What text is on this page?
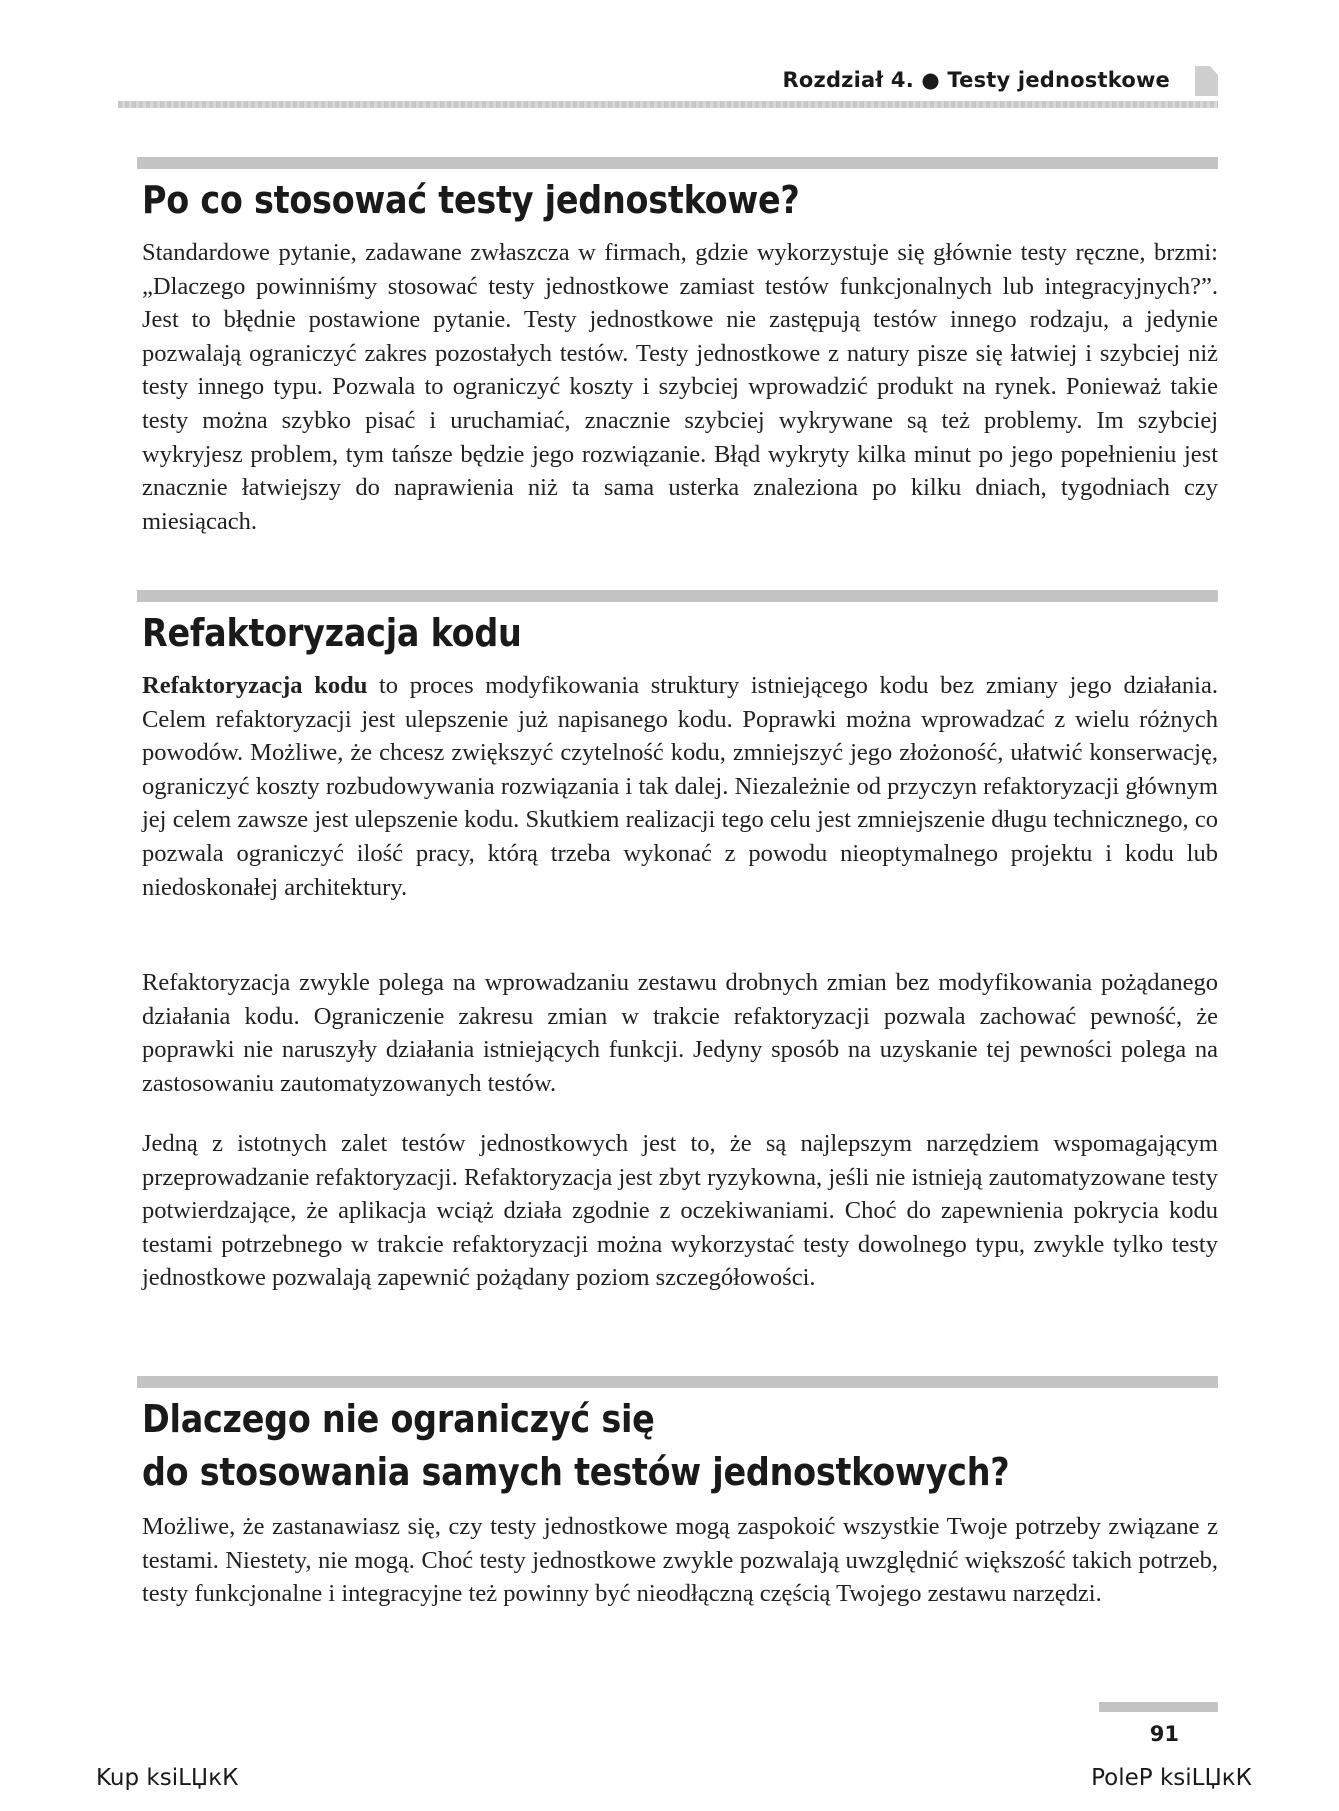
Rozdział 4. ● Testy jednostkowe
Po co stosować testy jednostkowe?

Standardowe pytanie, zadawane zwłaszcza w firmach, gdzie wykorzystuje się głównie testy ręczne, brzmi: „Dlaczego powinniśmy stosować testy jednostkowe zamiast testów funkcjonalnych lub integracyjnych?”. Jest to błędnie postawione pytanie. Testy jednostkowe nie zastępują testów innego rodzaju, a jedynie pozwalają ograniczyć zakres pozostałych testów. Testy jednostkowe z natury pisze się łatwiej i szybciej niż testy innego typu. Pozwala to ograniczyć koszty i szybciej wprowadzić produkt na rynek. Ponieważ takie testy można szybko pisać i uruchamiać, znacznie szybciej wykrywane są też problemy. Im szybciej wykryjesz problem, tym tańsze będzie jego rozwiązanie. Błąd wykryty kilka minut po jego popełnieniu jest znacznie łatwiejszy do naprawienia niż ta sama usterka znaleziona po kilku dniach, tygodniach czy miesiącach.

Refaktoryzacja kodu

Refaktoryzacja kodu to proces modyfikowania struktury istniejącego kodu bez zmiany jego działania. Celem refaktoryzacji jest ulepszenie już napisanego kodu. Poprawki można wprowadzać z wielu różnych powodów. Możliwe, że chcesz zwiększyć czytelność kodu, zmniejszyć jego złożoność, ułatwić konserwację, ograniczyć koszty rozbudowywania rozwiązania i tak dalej. Niezależnie od przyczyn refaktoryzacji głównym jej celem zawsze jest ulepszenie kodu. Skutkiem realizacji tego celu jest zmniejszenie długu technicznego, co pozwala ograniczyć ilość pracy, którą trzeba wykonać z powodu nieoptymalnego projektu i kodu lub niedoskonałej architektury.

Refaktoryzacja zwykle polega na wprowadzaniu zestawu drobnych zmian bez modyfikowania pożądanego działania kodu. Ograniczenie zakresu zmian w trakcie refaktoryzacji pozwala zachować pewność, że poprawki nie naruszyły działania istniejących funkcji. Jedyny sposób na uzyskanie tej pewności polega na zastosowaniu zautomatyzowanych testów.

Jedną z istotnych zalet testów jednostkowych jest to, że są najlepszym narzędziem wspomagającym przeprowadzanie refaktoryzacji. Refaktoryzacja jest zbyt ryzykowna, jeśli nie istnieją zautomatyzowane testy potwierdzające, że aplikacja wciąż działa zgodnie z oczekiwaniami. Choć do zapewnienia pokrycia kodu testami potrzebnego w trakcie refaktoryzacji można wykorzystać testy dowolnego typu, zwykle tylko testy jednostkowe pozwalają zapewnić pożądany poziom szczegółowości.

Dlaczego nie ograniczyć się
do stosowania samych testów jednostkowych?

Możliwe, że zastanawiasz się, czy testy jednostkowe mogą zaspokoić wszystkie Twoje potrzeby związane z testami. Niestety, nie mogą. Choć testy jednostkowe zwykle pozwalają uwzględnić większość takich potrzeb, testy funkcjonalne i integracyjne też powinny być nieodłączną częścią Twojego zestawu narzędzi.

91
Kup ksiLЏкК	PoleP ksiLЏкК
